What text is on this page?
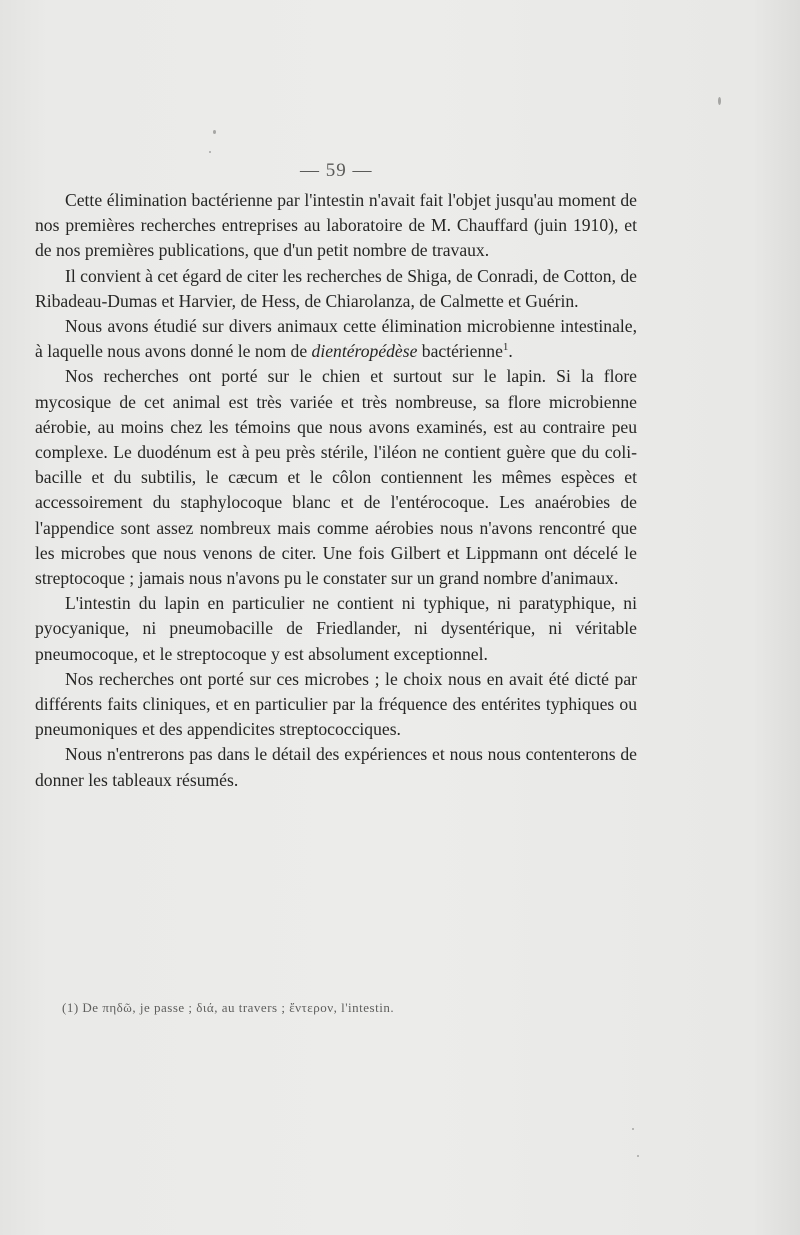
— 59 —

Cette élimination bactérienne par l'intestin n'avait fait l'objet jusqu'au moment de nos premières recherches entreprises au laboratoire de M. Chauffard (juin 1910), et de nos premières publications, que d'un petit nombre de travaux.

Il convient à cet égard de citer les recherches de Shiga, de Conradi, de Cotton, de Ribadeau-Dumas et Harvier, de Hess, de Chiarolanza, de Calmette et Guérin.

Nous avons étudié sur divers animaux cette élimination microbienne intestinale, à laquelle nous avons donné le nom de dientéropédèse bactérienne$^1$.

Nos recherches ont porté sur le chien et surtout sur le lapin. Si la flore mycosique de cet animal est très variée et très nombreuse, sa flore microbienne aérobie, au moins chez les témoins que nous avons examinés, est au contraire peu complexe. Le duodénum est à peu près stérile, l'iléon ne contient guère que du coli-bacille et du subtilis, le cæcum et le côlon contiennent les mêmes espèces et accessoirement du staphylocoque blanc et de l'entérocoque. Les anaérobies de l'appendice sont assez nombreux mais comme aérobies nous n'avons rencontré que les microbes que nous venons de citer. Une fois Gilbert et Lippmann ont décelé le streptocoque ; jamais nous n'avons pu le constater sur un grand nombre d'animaux.

L'intestin du lapin en particulier ne contient ni typhique, ni paratyphique, ni pyocyanique, ni pneumobacille de Friedlander, ni dysentérique, ni véritable pneumocoque, et le streptocoque y est absolument exceptionnel.

Nos recherches ont porté sur ces microbes ; le choix nous en avait été dicté par différents faits cliniques, et en particulier par la fréquence des entérites typhiques ou pneumoniques et des appendicites streptococciques.

Nous n'entrerons pas dans le détail des expériences et nous nous contenterons de donner les tableaux résumés.

(1) De πηδῶ, je passe ; διά, au travers ; ἔντερον, l'intestin.
